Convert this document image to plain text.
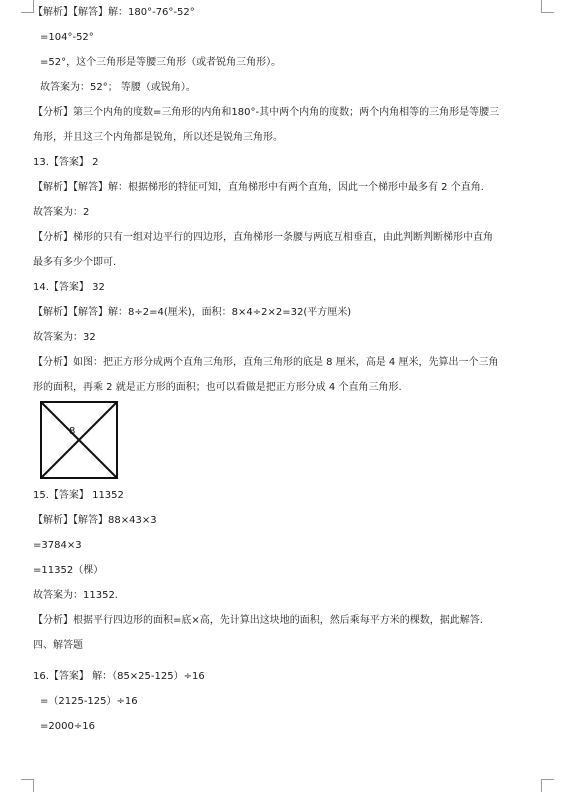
【解析】【解答】解：180°-76°-52°
=104°-52°
=52°，这个三角形是等腰三角形（或者锐角三角形）。
故答案为：52°； 等腰（或锐角）。
【分析】第三个内角的度数=三角形的内角和180°-其中两个内角的度数；两个内角相等的三角形是等腰三
角形，并且这三个内角都是锐角，所以还是锐角三角形。
13.【答案】 2
【解析】【解答】解：根据梯形的特征可知，直角梯形中有两个直角，因此一个梯形中最多有 2 个直角.
故答案为：2
【分析】梯形的只有一组对边平行的四边形，直角梯形一条腰与两底互相垂直，由此判断判断梯形中直角
最多有多少个即可.
14.【答案】 32
【解析】【解答】解：8÷2=4(厘米)，面积：8×4÷2×2=32(平方厘米)
故答案为：32
【分析】如图：把正方形分成两个直角三角形，直角三角形的底是 8 厘米，高是 4 厘米，先算出一个三角
形的面积，再乘 2 就是正方形的面积；也可以看做是把正方形分成 4 个直角三角形.
8
15.【答案】 11352
【解析】【解答】88×43×3
=3784×3
=11352（棵）
故答案为：11352.
【分析】根据平行四边形的面积=底×高，先计算出这块地的面积，然后乘每平方米的棵数，据此解答.
四、解答题
16.【答案】 解：（85×25-125）÷16
=（2125-125）÷16
=2000÷16
